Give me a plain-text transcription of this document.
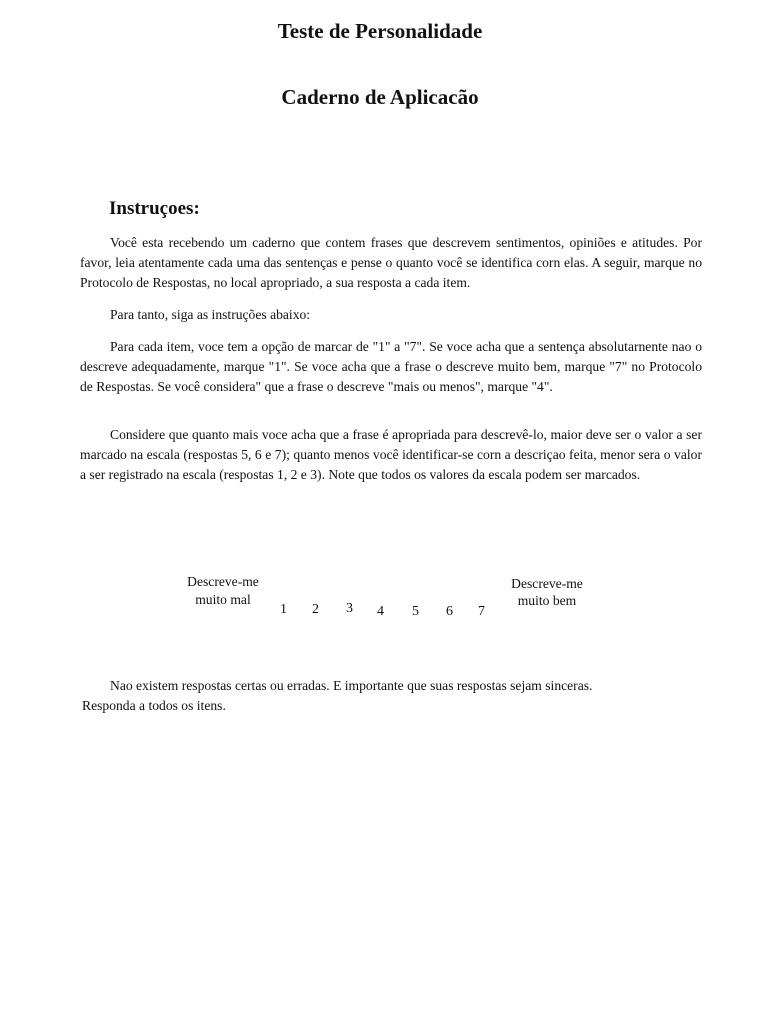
Teste de Personalidade
Caderno de Aplicacão
Instruçoes:

Você esta recebendo um caderno que contem frases que descrevem sentimentos, opiniões e atitudes. Por favor, leia atentamente cada uma das sentenças e pense o quanto você se identifica corn elas. A seguir, marque no Protocolo de Respostas, no local apropriado, a sua resposta a cada item.

Para tanto, siga as instruções abaixo:

Para cada item, voce tem a opção de marcar de "1" a "7". Se voce acha que a sentença absolutarnente nao o descreve adequadamente, marque "1". Se voce acha que a frase o descreve muito bem, marque "7" no Protocolo de Respostas. Se você considera" que a frase o descreve "mais ou menos", marque "4".

Considere que quanto mais voce acha que a frase é apropriada para descrevê-lo, maior deve ser o valor a ser marcado na escala (respostas 5, 6 e 7); quanto menos você identificar-se corn a descriçao feita, menor sera o valor a ser registrado na escala (respostas 1, 2 e 3). Note que todos os valores da escala podem ser marcados.

Descreve-me
muito mal
1 2 3 4 5 6 7
Descreve-me
muito bem

Nao existem respostas certas ou erradas. E importante que suas respostas sejam sinceras.
Responda a todos os itens.
